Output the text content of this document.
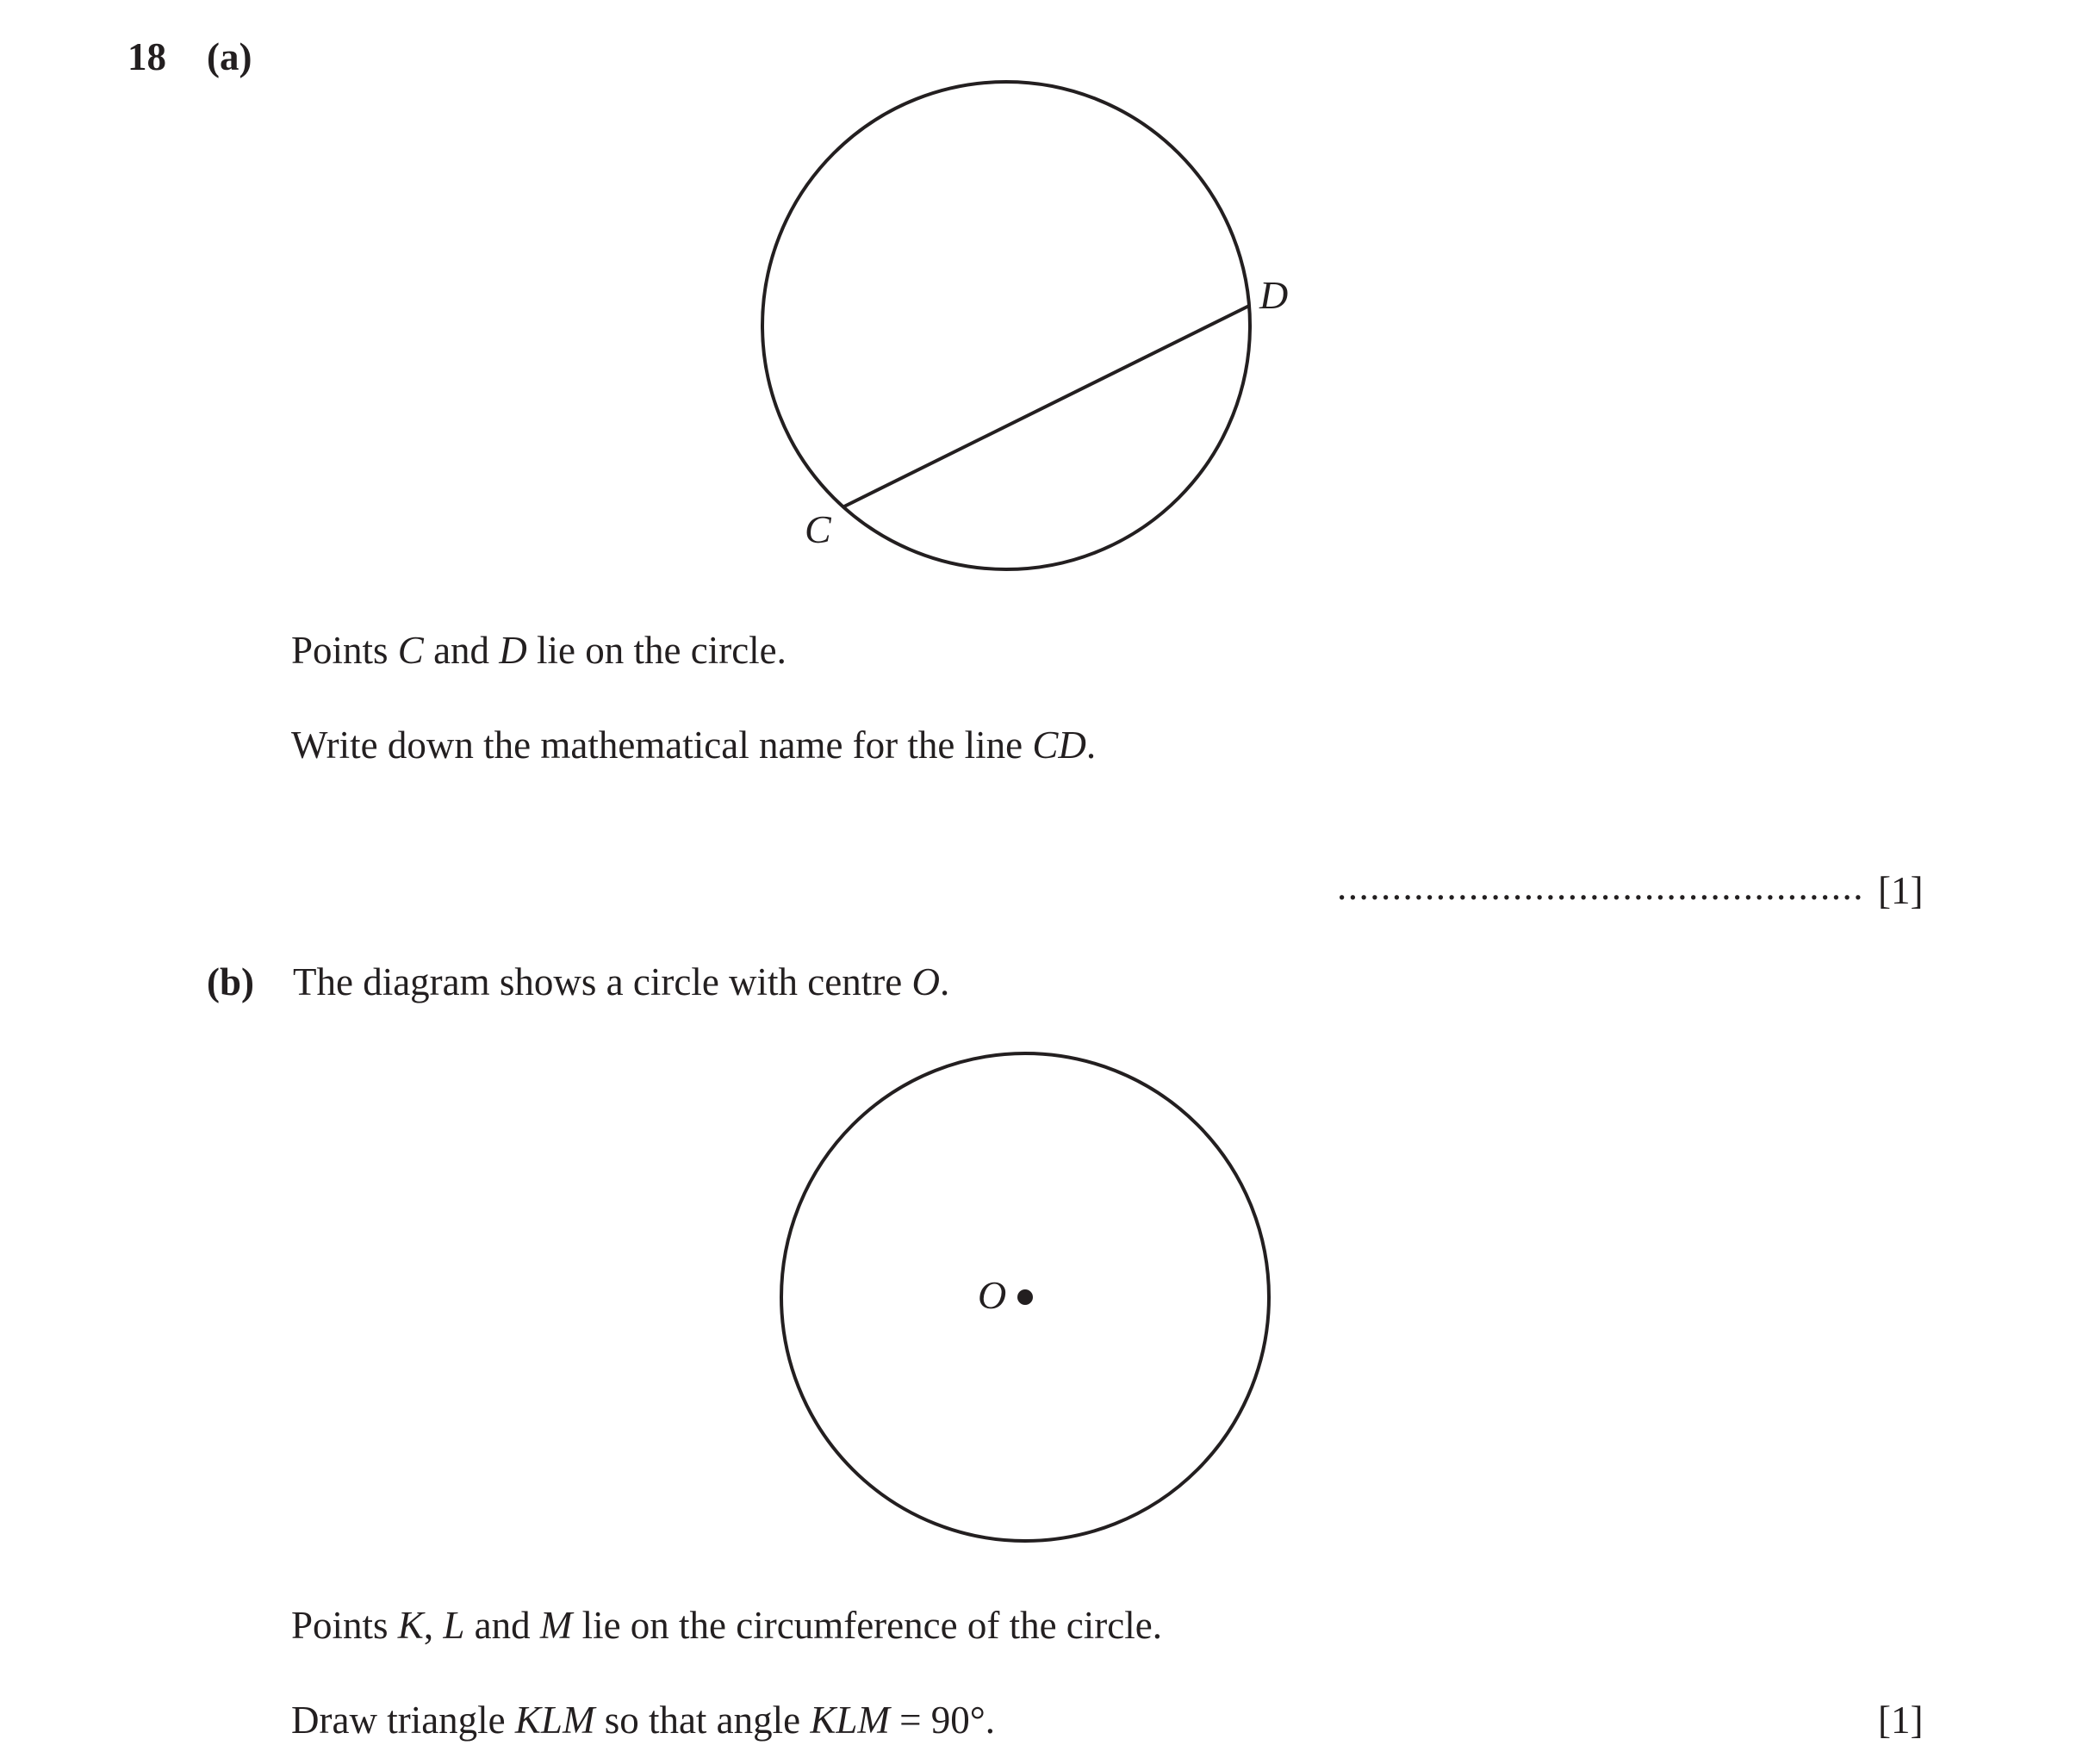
18 (a)
C
D
Points C and D lie on the circle.
Write down the mathematical name for the line CD.
................................................ [1]
(b) The diagram shows a circle with centre O.
O
Points K, L and M lie on the circumference of the circle.
Draw triangle KLM so that angle KLM = 90°.	[1]
